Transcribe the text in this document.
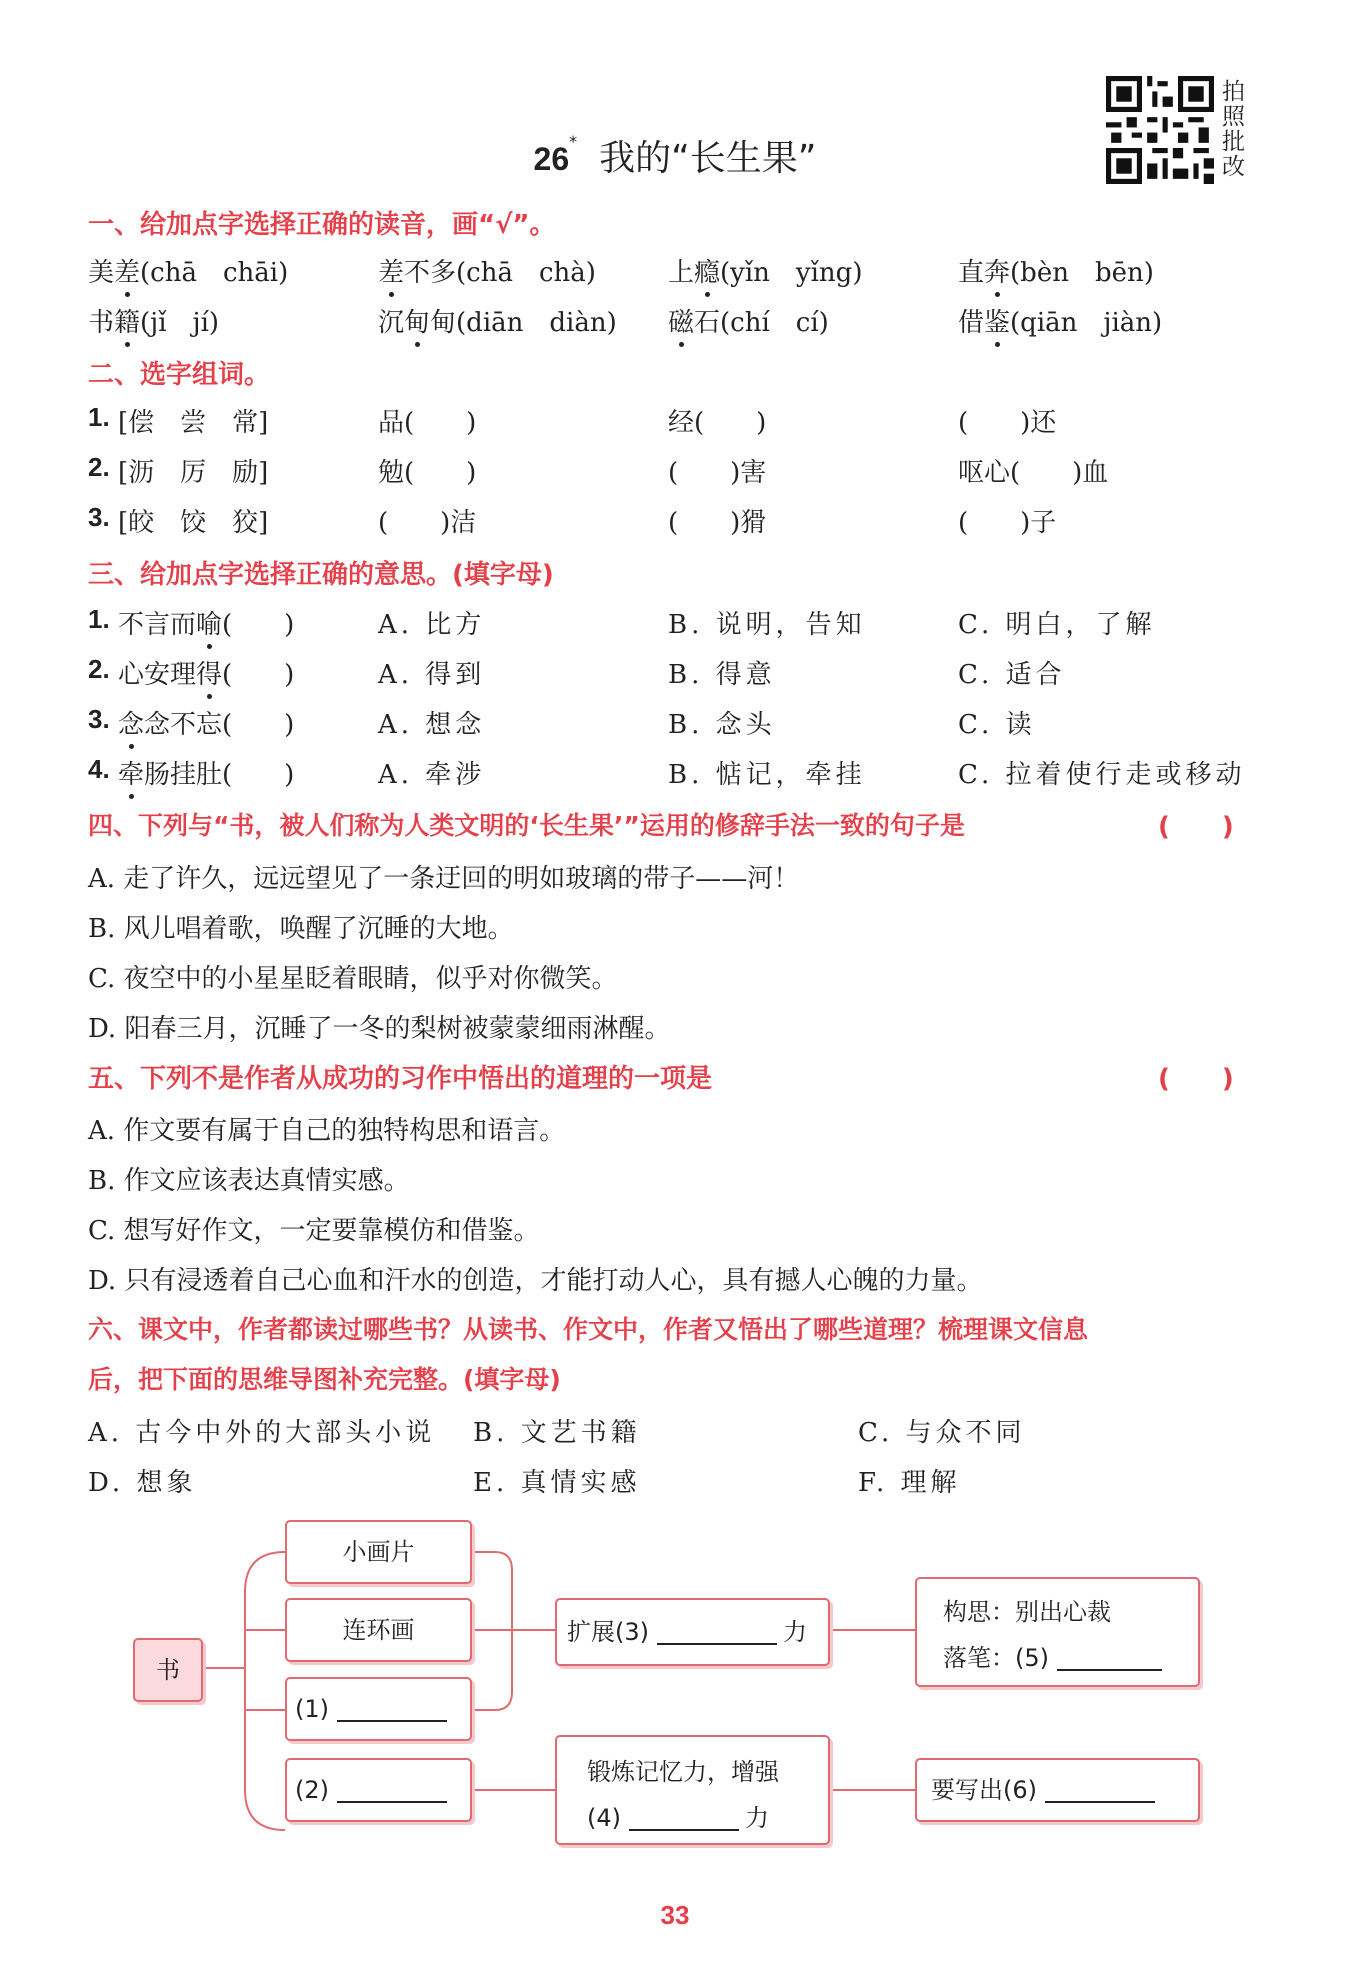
26* 我的“长生果”
拍
照
批
改
一、给加点字选择正确的读音，画“√”。
美差(chā　chāi)	差不多(chā　chà)	上瘾(yǐn　yǐng)	直奔(bèn　bēn)
书籍(jǐ　jí)	沉甸甸(diān　diàn) 磁石(chí　cí)	借鉴(qiān　jiàn)
二、选字组词。
1. [偿　尝　常]	品(　　)	经(　　)	(　　)还
2. [沥　厉　励]	勉(　　)	(　　)害	呕心(　　)血
3. [皎　饺　狡]	(　　)洁	(　　)猾	(　　)子
三、给加点字选择正确的意思。(填字母)
1. 不言而喻(　　)	A. 比方	B. 说明，告知	C. 明白，了解
2. 心安理得(　　)	A. 得到	B. 得意	C. 适合
3. 念念不忘(　　)	A. 想念	B. 念头	C. 读
4. 牵肠挂肚(　　)	A. 牵涉	B. 惦记，牵挂	C. 拉着使行走或移动
四、下列与“书，被人们称为人类文明的‘长生果’”运用的修辞手法一致的句子是	(　　)
A. 走了许久，远远望见了一条迂回的明如玻璃的带子——河！
B. 风儿唱着歌，唤醒了沉睡的大地。
C. 夜空中的小星星眨着眼睛，似乎对你微笑。
D. 阳春三月，沉睡了一冬的梨树被蒙蒙细雨淋醒。
五、下列不是作者从成功的习作中悟出的道理的一项是	(　　)
A. 作文要有属于自己的独特构思和语言。
B. 作文应该表达真情实感。
C. 想写好作文，一定要靠模仿和借鉴。
D. 只有浸透着自己心血和汗水的创造，才能打动人心，具有撼人心魄的力量。
六、课文中，作者都读过哪些书？从读书、作文中，作者又悟出了哪些道理？梳理课文信息
后，把下面的思维导图补充完整。(填字母)
A. 古今中外的大部头小说 B. 文艺书籍	C. 与众不同
D. 想象	E. 真情实感	F. 理解
书
小画片
连环画
(1)
(2)
扩展(3)	力
锻炼记忆力，增强
(4)	力
构思：别出心裁
落笔：(5)
要写出(6)
33
